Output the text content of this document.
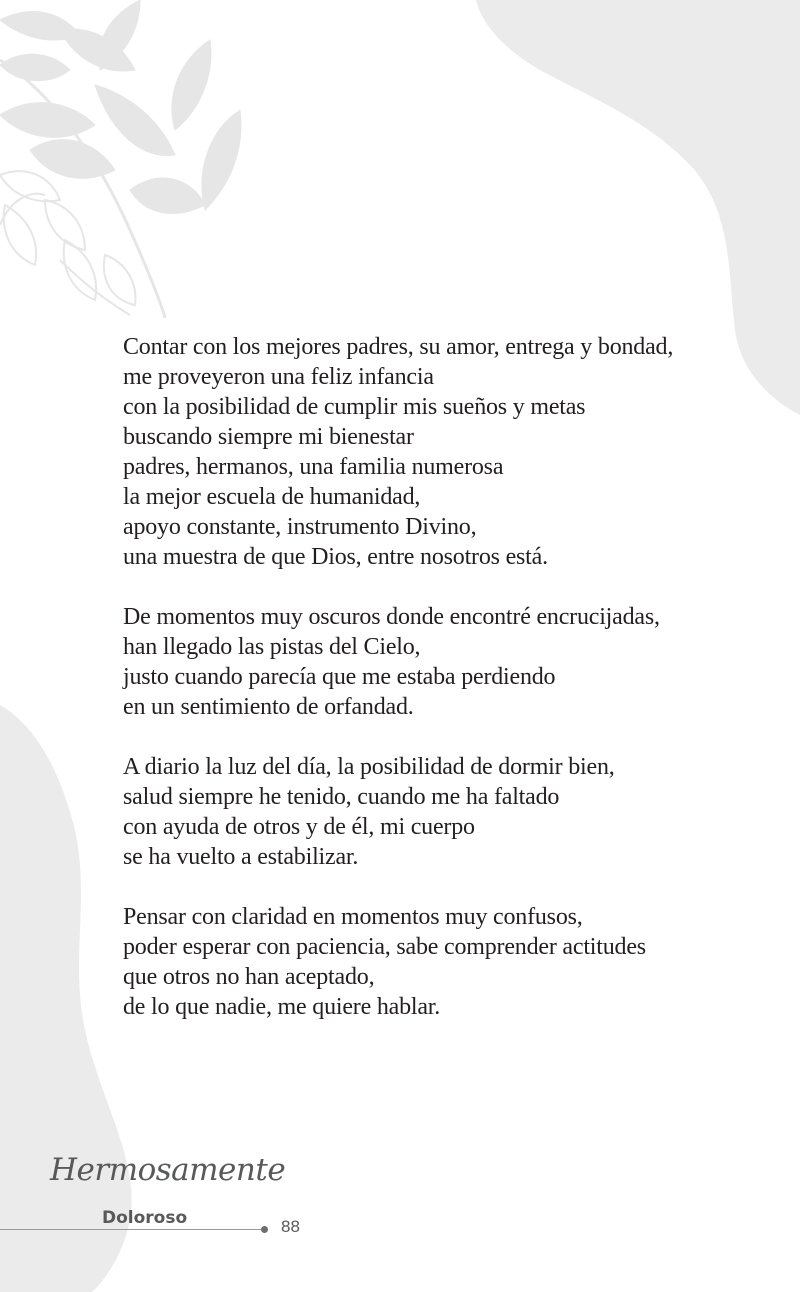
Contar con los mejores padres, su amor, entrega y bondad,
me proveyeron una feliz infancia
con la posibilidad de cumplir mis sueños y metas
buscando siempre mi bienestar
padres, hermanos, una familia numerosa
la mejor escuela de humanidad,
apoyo constante, instrumento Divino,
una muestra de que Dios, entre nosotros está.
De momentos muy oscuros donde encontré encrucijadas,
han llegado las pistas del Cielo,
justo cuando parecía que me estaba perdiendo
en un sentimiento de orfandad.
A diario la luz del día, la posibilidad de dormir bien,
salud siempre he tenido, cuando me ha faltado
con ayuda de otros y de él, mi cuerpo
se ha vuelto a estabilizar.
Pensar con claridad en momentos muy confusos,
poder esperar con paciencia, sabe comprender actitudes
que otros no han aceptado,
de lo que nadie, me quiere hablar.
Hermosamente
Doloroso	88
